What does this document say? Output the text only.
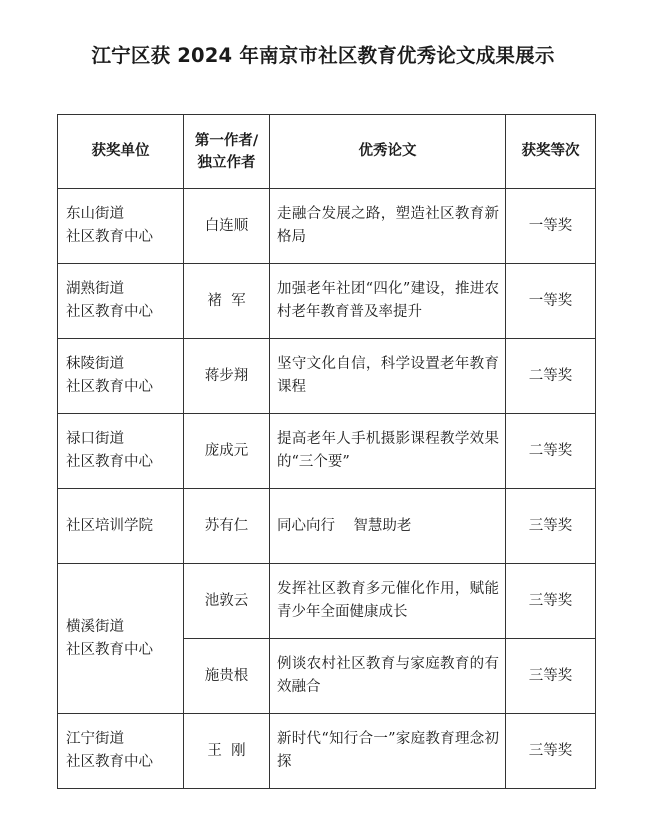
江宁区获 2024 年南京市社区教育优秀论文成果展示
获奖单位	第一作者/
独立作者	优秀论文	获奖等次

东山街道
社区教育中心	白连顺	走融合发展之路，塑造社区教育新格局	一等奖

湖熟街道
社区教育中心	褚  军	加强老年社团“四化”建设，推进农村老年教育普及率提升	一等奖

秣陵街道
社区教育中心	蒋步翔	坚守文化自信，科学设置老年教育课程	二等奖

禄口街道
社区教育中心	庞成元	提高老年人手机摄影课程教学效果的“三个要”	二等奖

社区培训学院	苏有仁	同心向行    智慧助老	三等奖

横溪街道
社区教育中心	池敦云	发挥社区教育多元催化作用，赋能青少年全面健康成长	三等奖
	施贵根	例谈农村社区教育与家庭教育的有效融合	三等奖

江宁街道
社区教育中心	王  刚	新时代“知行合一”家庭教育理念初探	三等奖
